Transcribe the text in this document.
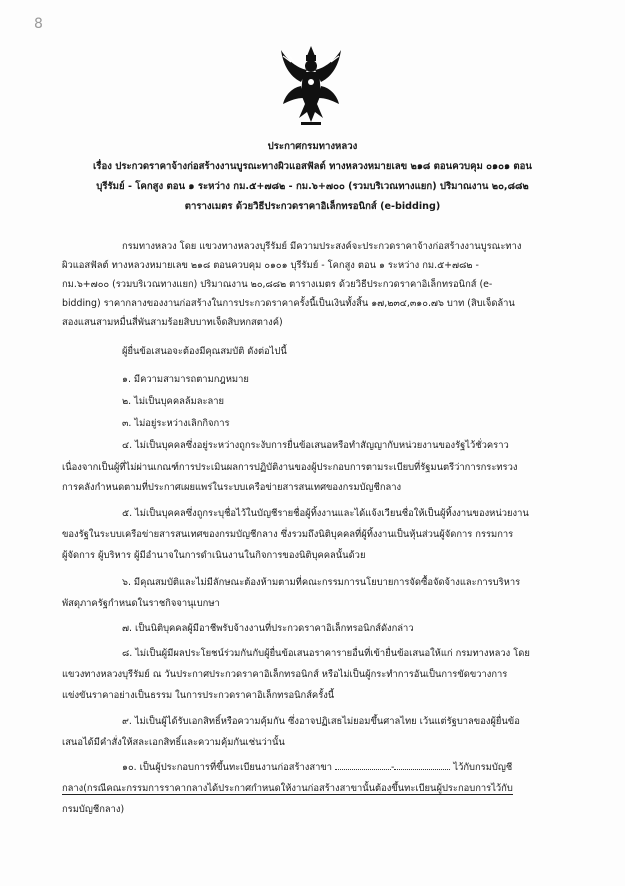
8
ประกาศกรมทางหลวง
เรื่อง ประกวดราคาจ้างก่อสร้างงานบูรณะทางผิวแอสฟัลต์ ทางหลวงหมายเลข ๒๑๘ ตอนควบคุม ๐๑๐๑ ตอน
บุรีรัมย์ - โคกสูง ตอน ๑ ระหว่าง กม.๕+๗๘๒ - กม.๖+๗๐๐ (รวมบริเวณทางแยก) ปริมาณงาน ๒๐,๘๘๒
ตารางเมตร ด้วยวิธีประกวดราคาอิเล็กทรอนิกส์ (e-bidding)
กรมทางหลวง โดย แขวงทางหลวงบุรีรัมย์ มีความประสงค์จะประกวดราคาจ้างก่อสร้างงานบูรณะทาง
ผิวแอสฟัลต์ ทางหลวงหมายเลข ๒๑๘ ตอนควบคุม ๐๑๐๑ บุรีรัมย์ - โคกสูง ตอน ๑ ระหว่าง กม.๕+๗๘๒ -
กม.๖+๗๐๐ (รวมบริเวณทางแยก) ปริมาณงาน ๒๐,๘๘๒ ตารางเมตร ด้วยวิธีประกวดราคาอิเล็กทรอนิกส์ (e-
bidding) ราคากลางของงานก่อสร้างในการประกวดราคาครั้งนี้เป็นเงินทั้งสิ้น ๑๗,๒๓๔,๓๑๐.๗๖ บาท (สิบเจ็ดล้าน
สองแสนสามหมื่นสี่พันสามร้อยสิบบาทเจ็ดสิบหกสตางค์)
ผู้ยื่นข้อเสนอจะต้องมีคุณสมบัติ ดังต่อไปนี้
๑. มีความสามารถตามกฎหมาย
๒. ไม่เป็นบุคคลล้มละลาย
๓. ไม่อยู่ระหว่างเลิกกิจการ
๔. ไม่เป็นบุคคลซึ่งอยู่ระหว่างถูกระงับการยื่นข้อเสนอหรือทำสัญญากับหน่วยงานของรัฐไว้ชั่วคราว
เนื่องจากเป็นผู้ที่ไม่ผ่านเกณฑ์การประเมินผลการปฏิบัติงานของผู้ประกอบการตามระเบียบที่รัฐมนตรีว่าการกระทรวง
การคลังกำหนดตามที่ประกาศเผยแพร่ในระบบเครือข่ายสารสนเทศของกรมบัญชีกลาง
๕. ไม่เป็นบุคคลซึ่งถูกระบุชื่อไว้ในบัญชีรายชื่อผู้ทิ้งงานและได้แจ้งเวียนชื่อให้เป็นผู้ทิ้งงานของหน่วยงาน
ของรัฐในระบบเครือข่ายสารสนเทศของกรมบัญชีกลาง ซึ่งรวมถึงนิติบุคคลที่ผู้ทิ้งงานเป็นหุ้นส่วนผู้จัดการ กรรมการ
ผู้จัดการ ผู้บริหาร ผู้มีอำนาจในการดำเนินงานในกิจการของนิติบุคคลนั้นด้วย
๖. มีคุณสมบัติและไม่มีลักษณะต้องห้ามตามที่คณะกรรมการนโยบายการจัดซื้อจัดจ้างและการบริหาร
พัสดุภาครัฐกำหนดในราชกิจจานุเบกษา
๗. เป็นนิติบุคคลผู้มีอาชีพรับจ้างงานที่ประกวดราคาอิเล็กทรอนิกส์ดังกล่าว
๘. ไม่เป็นผู้มีผลประโยชน์ร่วมกันกับผู้ยื่นข้อเสนอราคารายอื่นที่เข้ายื่นข้อเสนอให้แก่ กรมทางหลวง โดย
แขวงทางหลวงบุรีรัมย์ ณ วันประกาศประกวดราคาอิเล็กทรอนิกส์ หรือไม่เป็นผู้กระทำการอันเป็นการขัดขวางการ
แข่งขันราคาอย่างเป็นธรรม ในการประกวดราคาอิเล็กทรอนิกส์ครั้งนี้
๙. ไม่เป็นผู้ได้รับเอกสิทธิ์หรือความคุ้มกัน ซึ่งอาจปฏิเสธไม่ยอมขึ้นศาลไทย เว้นแต่รัฐบาลของผู้ยื่นข้อ
เสนอได้มีคำสั่งให้สละเอกสิทธิ์และความคุ้มกันเช่นว่านั้น
๑๐. เป็นผู้ประกอบการที่ขึ้นทะเบียนงานก่อสร้างสาขา	-	ไว้กับกรมบัญชี
กลาง(กรณีคณะกรรมการราคากลางได้ประกาศกำหนดให้งานก่อสร้างสาขานั้นต้องขึ้นทะเบียนผู้ประกอบการไว้กับ
กรมบัญชีกลาง)
